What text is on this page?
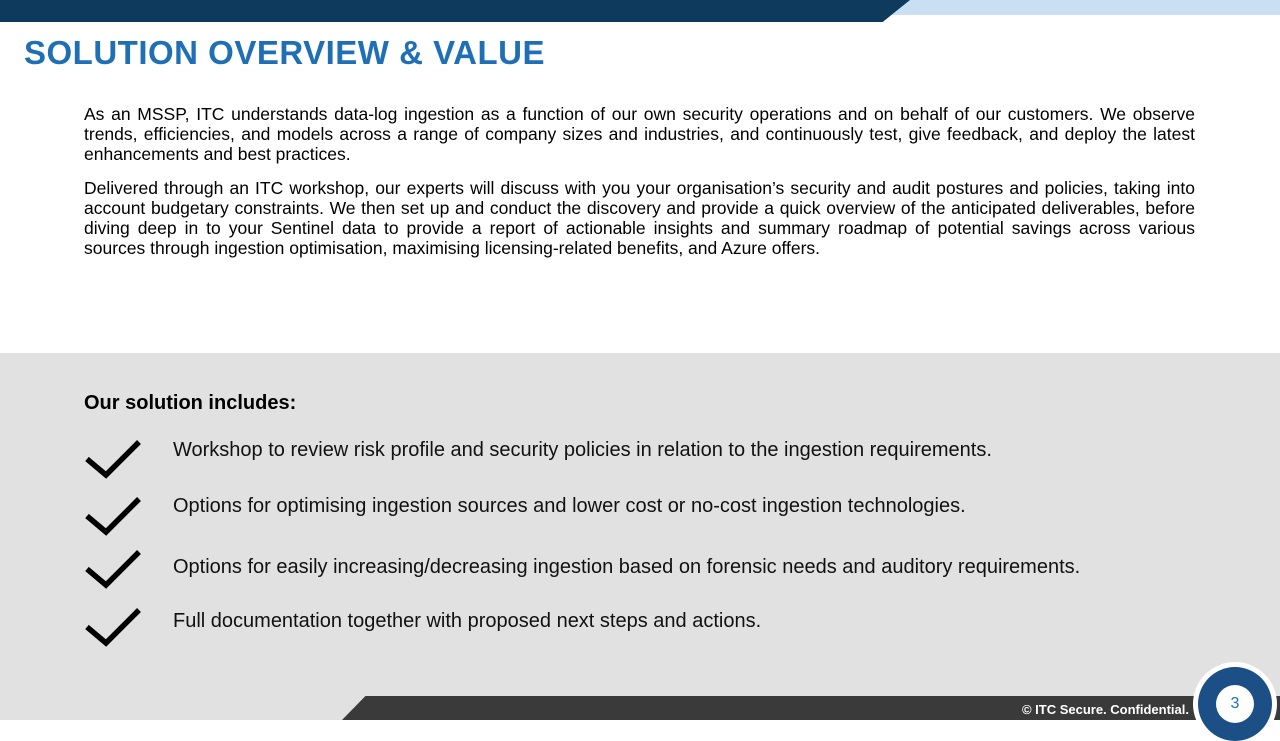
SOLUTION OVERVIEW & VALUE

As an MSSP, ITC understands data-log ingestion as a function of our own security operations and on behalf of our customers. We observe trends, efficiencies, and models across a range of company sizes and industries, and continuously test, give feedback, and deploy the latest enhancements and best practices.

Delivered through an ITC workshop, our experts will discuss with you your organisation’s security and audit postures and policies, taking into account budgetary constraints. We then set up and conduct the discovery and provide a quick overview of the anticipated deliverables, before diving deep in to your Sentinel data to provide a report of actionable insights and summary roadmap of potential savings across various sources through ingestion optimisation, maximising licensing-related benefits, and Azure offers.

Our solution includes:
Workshop to review risk profile and security policies in relation to the ingestion requirements.
Options for optimising ingestion sources and lower cost or no-cost ingestion technologies.
Options for easily increasing/decreasing ingestion based on forensic needs and auditory requirements.
Full documentation together with proposed next steps and actions.
© ITC Secure. Confidential.	3
